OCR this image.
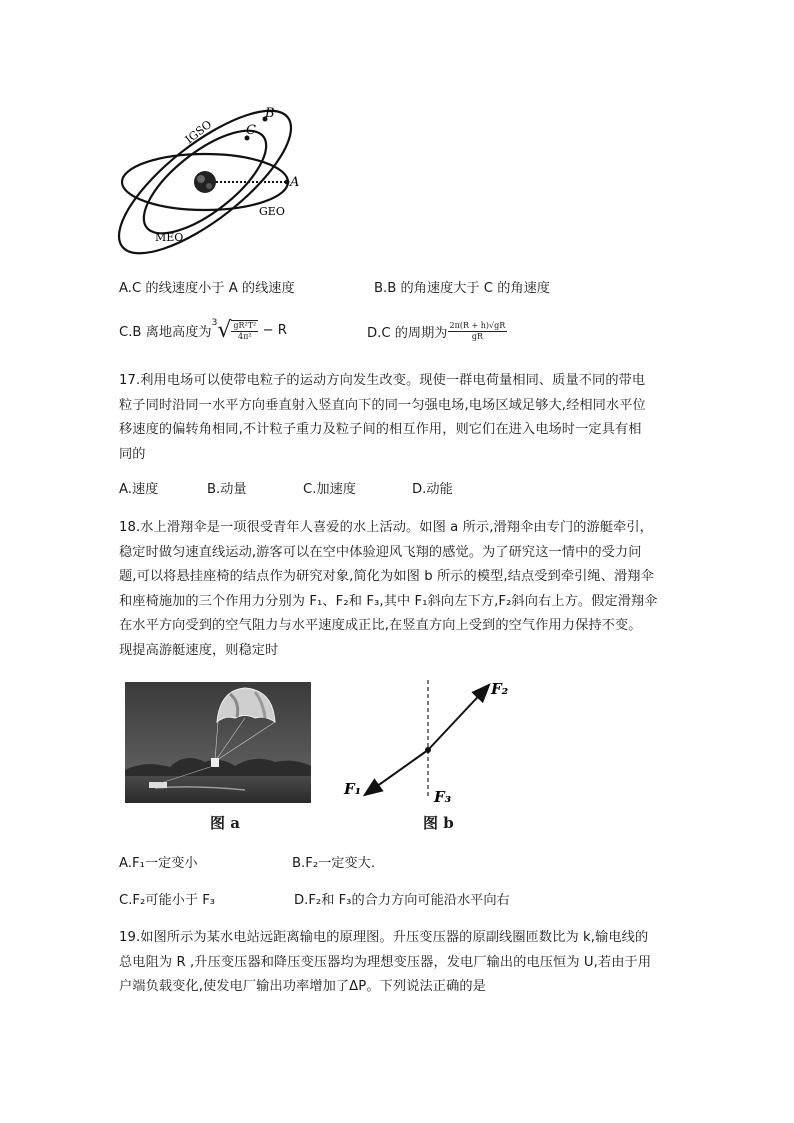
A
B
C
IGSO
GEO
MEO
A.C 的线速度小于 A 的线速度	B.B 的角速度大于 C 的角速度
C.B 离地高度为$^3√ \frac{\text{gR²T²}}{\text{4π²}} - R$	D.C 的周期为 $\frac{2\pi(R + h)√gR}{gR}$
17.利用电场可以使带电粒子的运动方向发生改变。现使一群电荷量相同、质量不同的带电
粒子同时沿同一水平方向垂直射入竖直向下的同一匀强电场,电场区域足够大,经相同水平位
移速度的偏转角相同,不计粒子重力及粒子间的相互作用，则它们在进入电场时一定具有相
同的
A.速度	B.动量	C.加速度	D.动能
18.水上滑翔伞是一项很受青年人喜爱的水上活动。如图 a 所示,滑翔伞由专门的游艇牵引，
稳定时做匀速直线运动,游客可以在空中体验迎风飞翔的感觉。为了研究这一情中的受力问
题,可以将悬挂座椅的结点作为研究对象,简化为如图 b 所示的模型,结点受到牵引绳、滑翔伞
和座椅施加的三个作用力分别为 F₁、F₂和 F₃,其中 F₁斜向左下方,F₂斜向右上方。假定滑翔伞
在水平方向受到的空气阻力与水平速度成正比,在竖直方向上受到的空气作用力保持不变。
现提高游艇速度，则稳定时
图 a
F₂
F₁	F₃
图 b
A.F₁一定变小	B.F₂一定变大.
C.F₂可能小于 F₃	D.F₂和 F₃的合力方向可能沿水平向右
19.如图所示为某水电站远距离输电的原理图。升压变压器的原副线圈匝数比为 k,输电线的
总电阻为 R ,升压变压器和降压变压器均为理想变压器，发电厂输出的电压恒为 U,若由于用
户端负载变化,使发电厂输出功率增加了ΔP。下列说法正确的是
